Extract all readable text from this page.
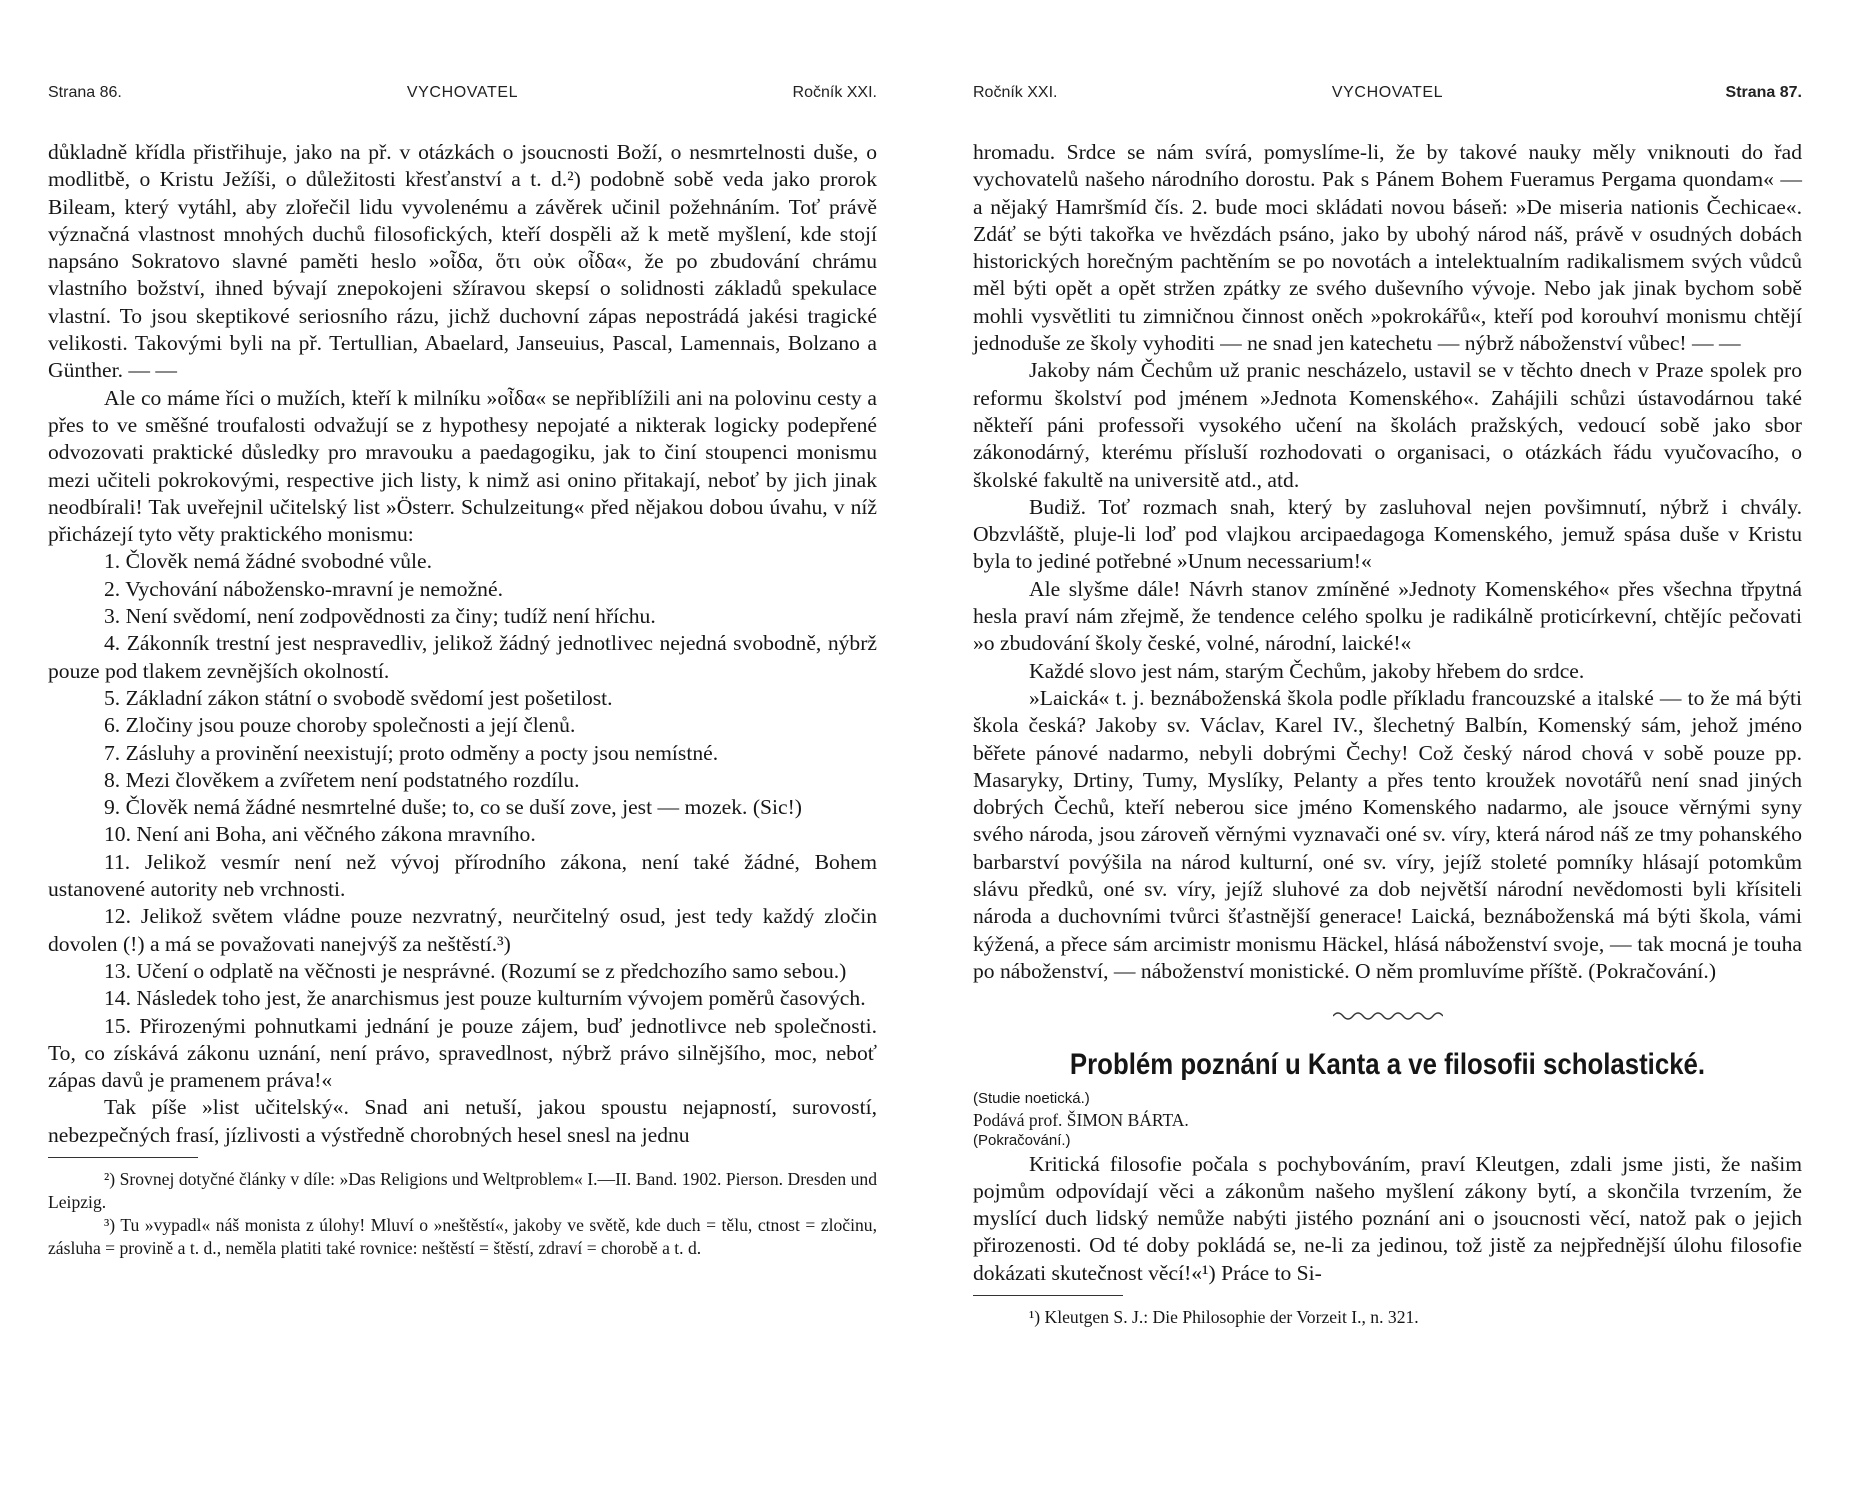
Strana 86.	VYCHOVATEL	Ročník XXI.

důkladně křídla přistřihuje, jako na př. v otázkách o jsoucnosti Boží, o nesmrtelnosti duše, o modlitbě, o Kristu Ježíši, o důležitosti křesťanství a t. d.²) podobně sobě veda jako prorok Bileam, který vytáhl, aby zlořečil lidu vyvolenému a závěrek učinil požehnáním. Toť právě význačná vlastnost mnohých duchů filosofických, kteří dospěli až k metě myšlení, kde stojí napsáno Sokratovo slavné paměti heslo »οἶδα, ὅτι οὐκ οἶδα«, že po zbudování chrámu vlastního božství, ihned bývají znepokojeni sžíravou skepsí o solidnosti základů spekulace vlastní. To jsou skeptikové seriosního rázu, jichž duchovní zápas nepostrádá jakési tragické velikosti. Takovými byli na př. Tertullian, Abaelard, Janseuius, Pascal, Lamennais, Bolzano a Günther. — —

Ale co máme říci o mužích, kteří k milníku »οἶδα« se nepřiblížili ani na polovinu cesty a přes to ve směšné troufalosti odvažují se z hypothesy nepojaté a nikterak logicky podepřené odvozovati praktické důsledky pro mravouku a paedagogiku, jak to činí stoupenci monismu mezi učiteli pokrokovými, respective jich listy, k nimž asi onino přitakají, neboť by jich jinak neodbírali! Tak uveřejnil učitelský list »Österr. Schulzeitung« před nějakou dobou úvahu, v níž přicházejí tyto věty praktického monismu:

1. Člověk nemá žádné svobodné vůle.

2. Vychování nábožensko-mravní je nemožné.

3. Není svědomí, není zodpovědnosti za činy; tudíž není hříchu.

4. Zákonník trestní jest nespravedliv, jelikož žádný jednotlivec nejedná svobodně, nýbrž pouze pod tlakem zevnějších okolností.

5. Základní zákon státní o svobodě svědomí jest pošetilost.

6. Zločiny jsou pouze choroby společnosti a její členů.

7. Zásluhy a provinění neexistují; proto odměny a pocty jsou nemístné.

8. Mezi člověkem a zvířetem není podstatného rozdílu.

9. Člověk nemá žádné nesmrtelné duše; to, co se duší zove, jest — mozek. (Sic!)

10. Není ani Boha, ani věčného zákona mravního.

11. Jelikož vesmír není než vývoj přírodního zákona, není také žádné, Bohem ustanovené autority neb vrchnosti.

12. Jelikož světem vládne pouze nezvratný, neurčitelný osud, jest tedy každý zločin dovolen (!) a má se považovati nanejvýš za neštěstí.³)

13. Učení o odplatě na věčnosti je nesprávné. (Rozumí se z předchozího samo sebou.)

14. Následek toho jest, že anarchismus jest pouze kulturním vývojem poměrů časových.

15. Přirozenými pohnutkami jednání je pouze zájem, buď jednotlivce neb společnosti. To, co získává zákonu uznání, není právo, spravedlnost, nýbrž právo silnějšího, moc, neboť zápas davů je pramenem práva!«

Tak píše »list učitelský«. Snad ani netuší, jakou spoustu nejapností, surovostí, nebezpečných frasí, jízlivosti a výstředně chorobných hesel snesl na jednu

²) Srovnej dotyčné články v díle: »Das Religions und Weltproblem« I.—II. Band. 1902. Pierson. Dresden und Leipzig.

³) Tu »vypadl« náš monista z úlohy! Mluví o »neštěstí«, jakoby ve světě, kde duch = tělu, ctnost = zločinu, zásluha = provině a t. d., neměla platiti také rovnice: neštěstí = štěstí, zdraví = chorobě a t. d.

Ročník XXI.	VYCHOVATEL	Strana 87.

hromadu. Srdce se nám svírá, pomyslíme-li, že by takové nauky měly vniknouti do řad vychovatelů našeho národního dorostu. Pak s Pánem Bohem Fueramus Pergama quondam« — a nějaký Hamršmíd čís. 2. bude moci skládati novou báseň: »De miseria nationis Čechicae«. Zdáť se býti takořka ve hvězdách psáno, jako by ubohý národ náš, právě v osudných dobách historických horečným pachtěním se po novotách a intelektualním radikalismem svých vůdců měl býti opět a opět stržen zpátky ze svého duševního vývoje. Nebo jak jinak bychom sobě mohli vysvětliti tu zimničnou činnost oněch »pokrokářů«, kteří pod korouhví monismu chtějí jednoduše ze školy vyhoditi — ne snad jen katechetu — nýbrž náboženství vůbec! — —

Jakoby nám Čechům už pranic nescházelo, ustavil se v těchto dnech v Praze spolek pro reformu školství pod jménem »Jednota Komenského«. Zahájili schůzi ústavodárnou také někteří páni professoři vysokého učení na školách pražských, vedoucí sobě jako sbor zákonodárný, kterému přísluší rozhodovati o organisaci, o otázkách řádu vyučovacího, o školské fakultě na universitě atd., atd.

Budiž. Toť rozmach snah, který by zasluhoval nejen povšimnutí, nýbrž i chvály. Obzvláště, pluje-li loď pod vlajkou arcipaedagoga Komenského, jemuž spása duše v Kristu byla to jediné potřebné »Unum necessarium!«

Ale slyšme dále! Návrh stanov zmíněné »Jednoty Komenského« přes všechna třpytná hesla praví nám zřejmě, že tendence celého spolku je radikálně proticírkevní, chtějíc pečovati »o zbudování školy české, volné, národní, laické!«

Každé slovo jest nám, starým Čechům, jakoby hřebem do srdce.

»Laická« t. j. beznáboženská škola podle příkladu francouzské a italské — to že má býti škola česká? Jakoby sv. Václav, Karel IV., šlechetný Balbín, Komenský sám, jehož jméno běřete pánové nadarmo, nebyli dobrými Čechy! Což český národ chová v sobě pouze pp. Masaryky, Drtiny, Tumy, Myslíky, Pelanty a přes tento kroužek novotářů není snad jiných dobrých Čechů, kteří neberou sice jméno Komenského nadarmo, ale jsouce věrnými syny svého národa, jsou zároveň věrnými vyznavači oné sv. víry, která národ náš ze tmy pohanského barbarství povýšila na národ kulturní, oné sv. víry, jejíž stoleté pomníky hlásají potomkům slávu předků, oné sv. víry, jejíž sluhové za dob největší národní nevědomosti byli křísiteli národa a duchovními tvůrci šťastnější generace! Laická, beznáboženská má býti škola, vámi kýžená, a přece sám arcimistr monismu Häckel, hlásá náboženství svoje, — tak mocná je touha po náboženství, — náboženství monistické. O něm promluvíme příště. (Pokračování.)

Problém poznání u Kanta a ve filosofii scholastické.

(Studie noetická.)

Podává prof. ŠIMON BÁRTA.

(Pokračování.)

Kritická filosofie počala s pochybováním, praví Kleutgen, zdali jsme jisti, že našim pojmům odpovídají věci a zákonům našeho myšlení zákony bytí, a skončila tvrzením, že myslící duch lidský nemůže nabýti jistého poznání ani o jsoucnosti věcí, natož pak o jejich přirozenosti. Od té doby pokládá se, ne-li za jedinou, tož jistě za nejpřednější úlohu filosofie dokázati skutečnost věcí!«¹) Práce to Si-

¹) Kleutgen S. J.: Die Philosophie der Vorzeit I., n. 321.
